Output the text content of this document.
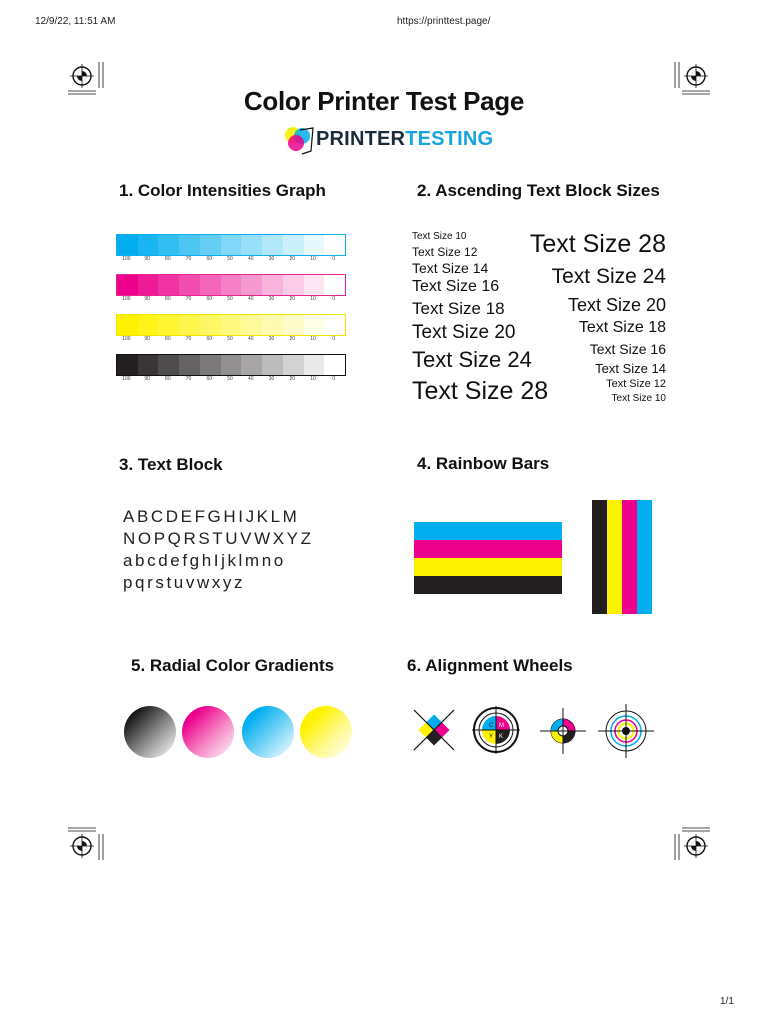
12/9/22, 11:51 AM	https://printtest.page/
Color Printer Test Page
PRINTERTESTING
1. Color Intensities Graph	2. Ascending Text Block Sizes
3. Text Block	4. Rainbow Bars
5. Radial Color Gradients	6. Alignment Wheels
100	90	80	70	60	50	40	30	20	10	0
100	90	80	70	60	50	40	30	20	10	0
100	90	80	70	60	50	40	30	20	10	0
100	90	80	70	60	50	40	30	20	10	0
Text Size 10
Text Size 12
Text Size 14
Text Size 16
Text Size 18
Text Size 20
Text Size 24
Text Size 28
Text Size 28
Text Size 24
Text Size 20
Text Size 18
Text Size 16
Text Size 14
Text Size 12
Text Size 10
ABCDEFGHIJKLM
NOPQRSTUVWXYZ
abcdefghIjklmno
pqrstuvwxyz
C M
Y K
1/1
